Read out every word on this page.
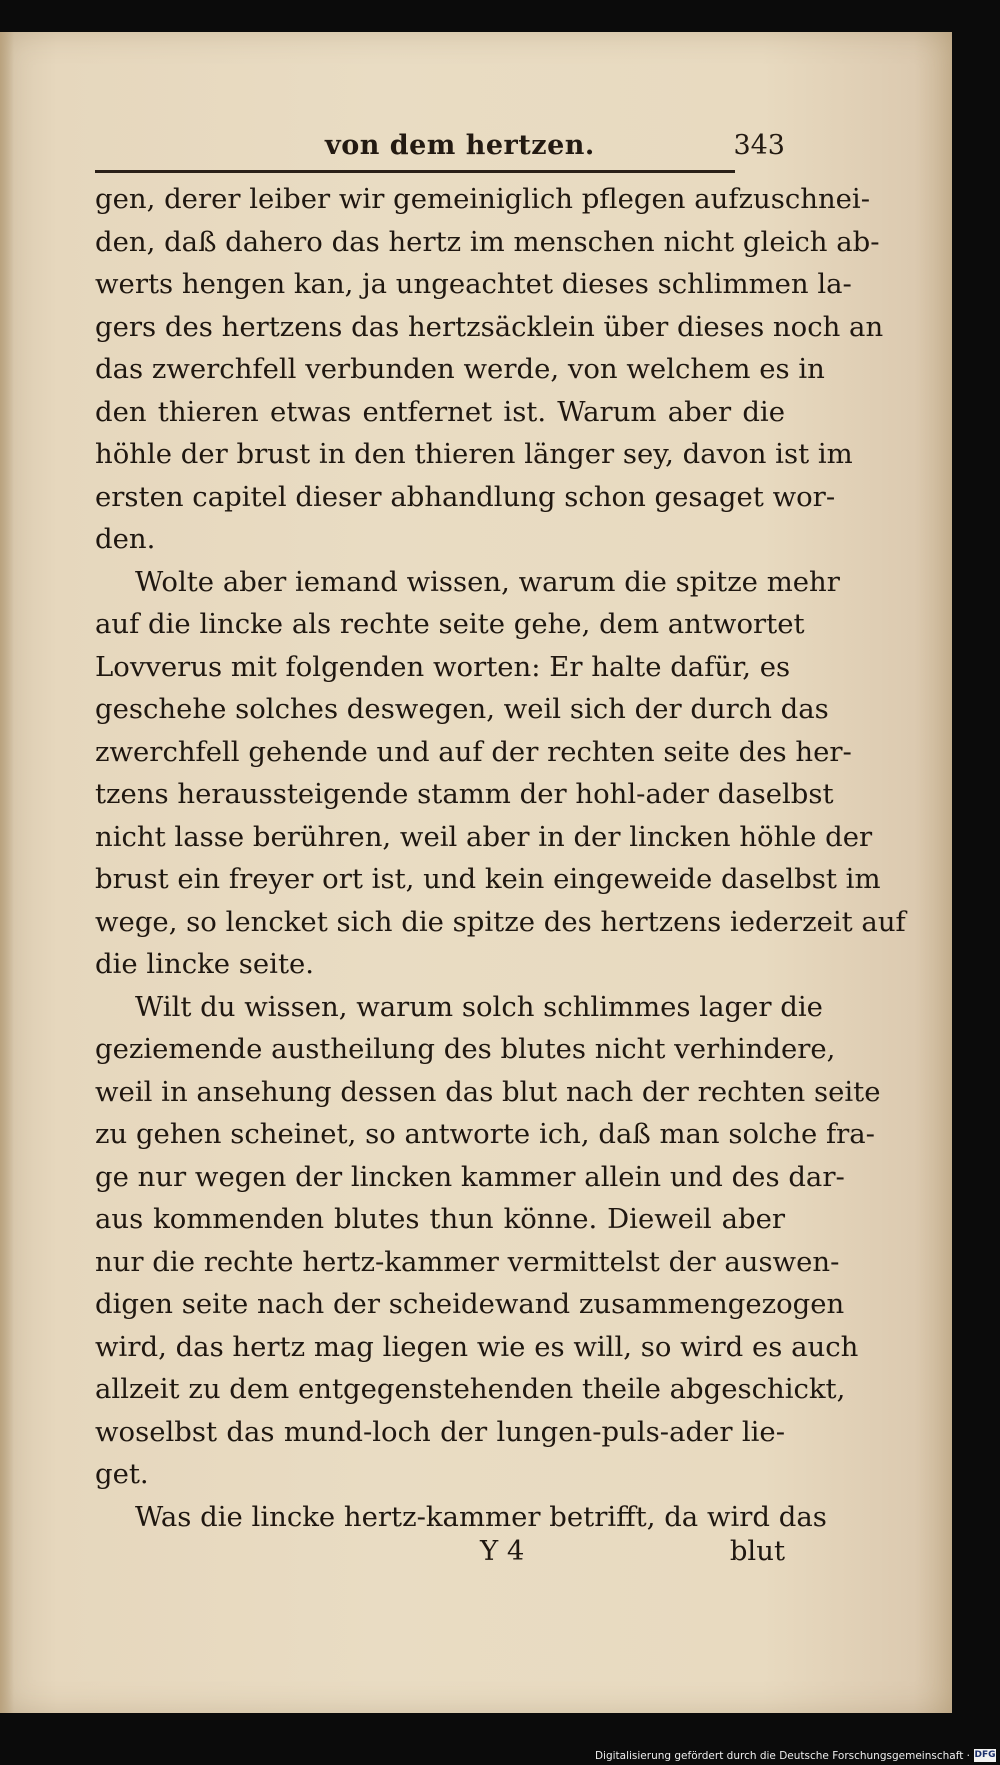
von dem hertzen.	343
gen, derer leiber wir gemeiniglich pflegen aufzuschnei-
den, daß dahero das hertz im menschen nicht gleich ab-
werts hengen kan, ja ungeachtet dieses schlimmen la-
gers des hertzens das hertzsäcklein über dieses noch an
das zwerchfell verbunden werde, von welchem es in
den thieren etwas entfernet ist. Warum aber die
höhle der brust in den thieren länger sey, davon ist im
ersten capitel dieser abhandlung schon gesaget wor-
den.
Wolte aber iemand wissen, warum die spitze mehr
auf die lincke als rechte seite gehe, dem antwortet
Lovverus mit folgenden worten: Er halte dafür, es
geschehe solches deswegen, weil sich der durch das
zwerchfell gehende und auf der rechten seite des her-
tzens heraussteigende stamm der hohl-ader daselbst
nicht lasse berühren, weil aber in der lincken höhle der
brust ein freyer ort ist, und kein eingeweide daselbst im
wege, so lencket sich die spitze des hertzens iederzeit auf
die lincke seite.
Wilt du wissen, warum solch schlimmes lager die
geziemende austheilung des blutes nicht verhindere,
weil in ansehung dessen das blut nach der rechten seite
zu gehen scheinet, so antworte ich, daß man solche fra-
ge nur wegen der lincken kammer allein und des dar-
aus kommenden blutes thun könne. Dieweil aber
nur die rechte hertz-kammer vermittelst der auswen-
digen seite nach der scheidewand zusammengezogen
wird, das hertz mag liegen wie es will, so wird es auch
allzeit zu dem entgegenstehenden theile abgeschickt,
woselbst das mund-loch der lungen-puls-ader lie-
get.
Was die lincke hertz-kammer betrifft, da wird das
Y 4	blut
Digitalisierung gefördert durch die Deutsche Forschungsgemeinschaft · DFG
